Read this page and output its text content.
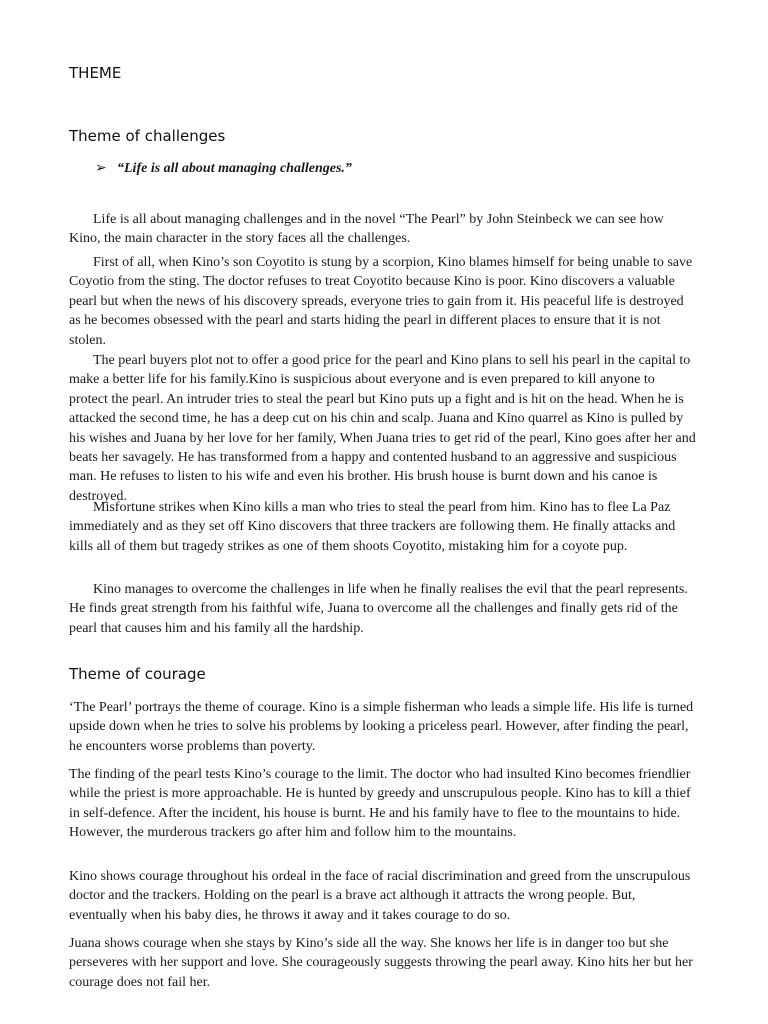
THEME
Theme of challenges

➢ “Life is all about managing challenges.”

Life is all about managing challenges and in the novel “The Pearl” by John Steinbeck we can see how Kino, the main character in the story faces all the challenges.

First of all, when Kino’s son Coyotito is stung by a scorpion, Kino blames himself for being unable to save Coyotio from the sting. The doctor refuses to treat Coyotito because Kino is poor. Kino discovers a valuable pearl but when the news of his discovery spreads, everyone tries to gain from it. His peaceful life is destroyed as he becomes obsessed with the pearl and starts hiding the pearl in different places to ensure that it is not stolen.

The pearl buyers plot not to offer a good price for the pearl and Kino plans to sell his pearl in the capital to make a better life for his family.Kino is suspicious about everyone and is even prepared to kill anyone to protect the pearl. An intruder tries to steal the pearl but Kino puts up a fight and is hit on the head. When he is attacked the second time, he has a deep cut on his chin and scalp. Juana and Kino quarrel as Kino is pulled by his wishes and Juana by her love for her family, When Juana tries to get rid of the pearl, Kino goes after her and beats her savagely. He has transformed from a happy and contented husband to an aggressive and suspicious man. He refuses to listen to his wife and even his brother. His brush house is burnt down and his canoe is destroyed.

Misfortune strikes when Kino kills a man who tries to steal the pearl from him. Kino has to flee La Paz immediately and as they set off Kino discovers that three trackers are following them. He finally attacks and kills all of them but tragedy strikes as one of them shoots Coyotito, mistaking him for a coyote pup.

Kino manages to overcome the challenges in life when he finally realises the evil that the pearl represents. He finds great strength from his faithful wife, Juana to overcome all the challenges and finally gets rid of the pearl that causes him and his family all the hardship.

Theme of courage

‘The Pearl’ portrays the theme of courage. Kino is a simple fisherman who leads a simple life. His life is turned upside down when he tries to solve his problems by looking a priceless pearl. However, after finding the pearl, he encounters worse problems than poverty.

The finding of the pearl tests Kino’s courage to the limit. The doctor who had insulted Kino becomes friendlier while the priest is more approachable. He is hunted by greedy and unscrupulous people. Kino has to kill a thief in self-defence. After the incident, his house is burnt. He and his family have to flee to the mountains to hide. However, the murderous trackers go after him and follow him to the mountains.

Kino shows courage throughout his ordeal in the face of racial discrimination and greed from the unscrupulous doctor and the trackers. Holding on the pearl is a brave act although it attracts the wrong people. But, eventually when his baby dies, he throws it away and it takes courage to do so.

Juana shows courage when she stays by Kino’s side all the way. She knows her life is in danger too but she perseveres with her support and love. She courageously suggests throwing the pearl away. Kino hits her but her courage does not fail her.
